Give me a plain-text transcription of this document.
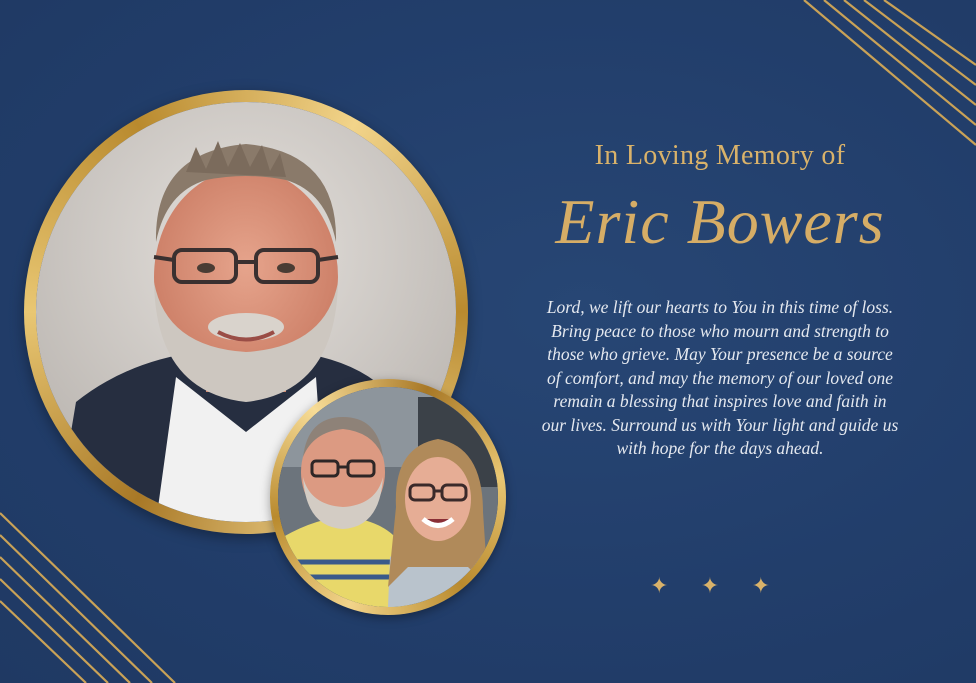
In Loving Memory of
Eric Bowers

Lord, we lift our hearts to You in this time of loss. Bring peace to those who mourn and strength to those who grieve. May Your presence be a source of comfort, and may the memory of our loved one remain a blessing that inspires love and faith in our lives. Surround us with Your light and guide us with hope for the days ahead.

✦ ✦ ✦
